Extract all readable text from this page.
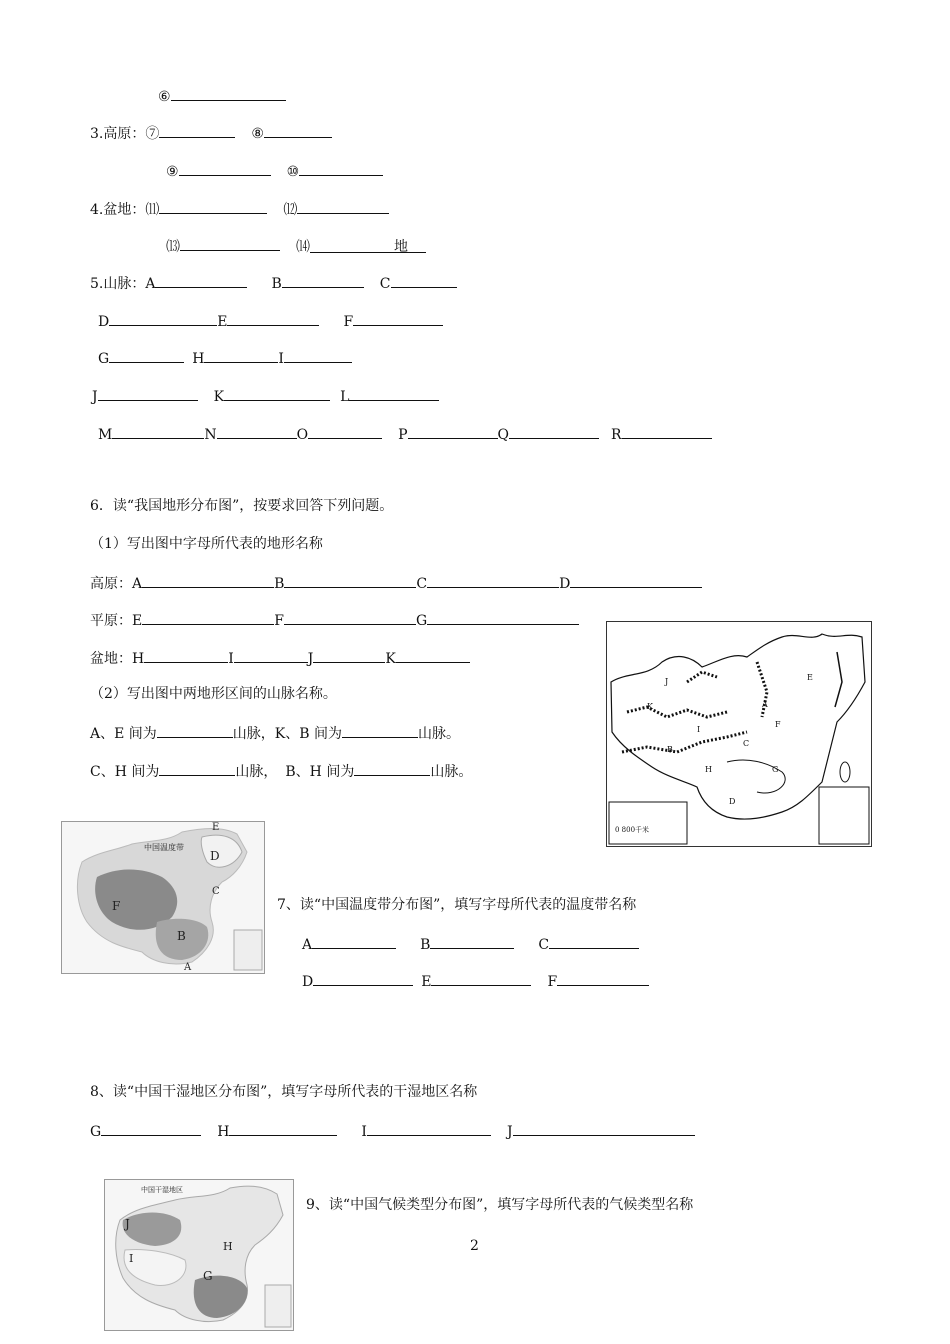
⑥
3.高原：⑦	⑧
⑨	⑩
4.盆地：⑾	⑿
⒀	⒁	地
5.山脉：A	B	C
D	E	F
G	H	I
J	K	L
M	N	O	P	Q	R
6．读“我国地形分布图”，按要求回答下列问题。
（1）写出图中字母所代表的地形名称
高原：A	B	C	D
平原：E	F	G
盆地：H	I	J	K
（2）写出图中两地形区间的山脉名称。
A、E 间为	山脉，K、B 间为	山脉。
C、H 间为	山脉， B、H 间为	山脉。
J
K
I
B
A
C
H	G
D
E
F
0 800千米
中国温度带
E
D
C
F
B
A
7、读“中国温度带分布图”，填写字母所代表的温度带名称
A	B	C
D	E	F
8、读“中国干湿地区分布图”，填写字母所代表的干湿地区名称
G	H	I	J
中国干湿地区
J
I
H
G
9、读“中国气候类型分布图”，填写字母所代表的气候类型名称
2
